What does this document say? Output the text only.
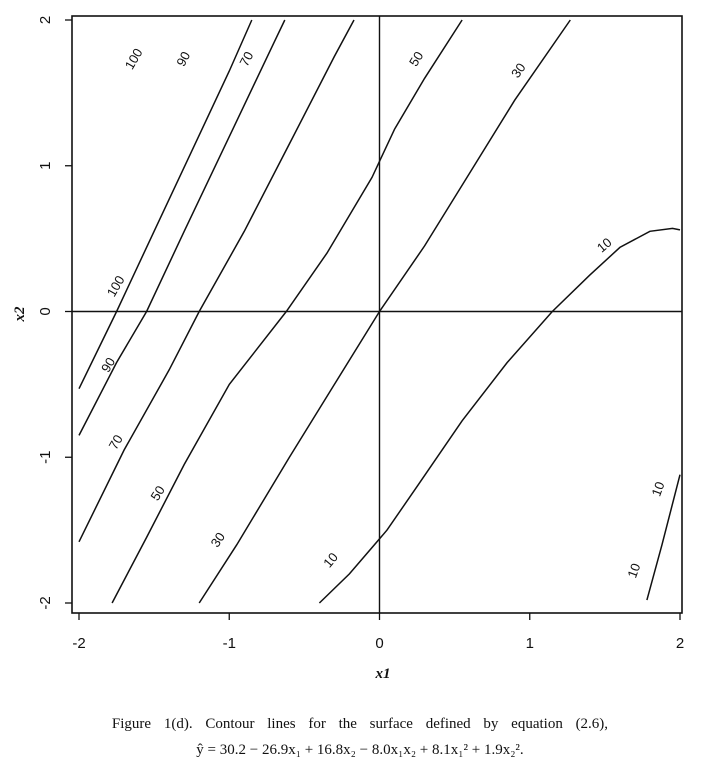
-2	-1	0	1	2
-2
-1
0
1
2
100 90	70	50
30
10
100
90
70
50
30
10
10
10
x1
x2
Figure 1(d). Contour lines for the surface defined by equation (2.6),
ŷ = 30.2 − 26.9x₁ + 16.8x₂ − 8.0x₁x₂ + 8.1x₁² + 1.9x₂².
